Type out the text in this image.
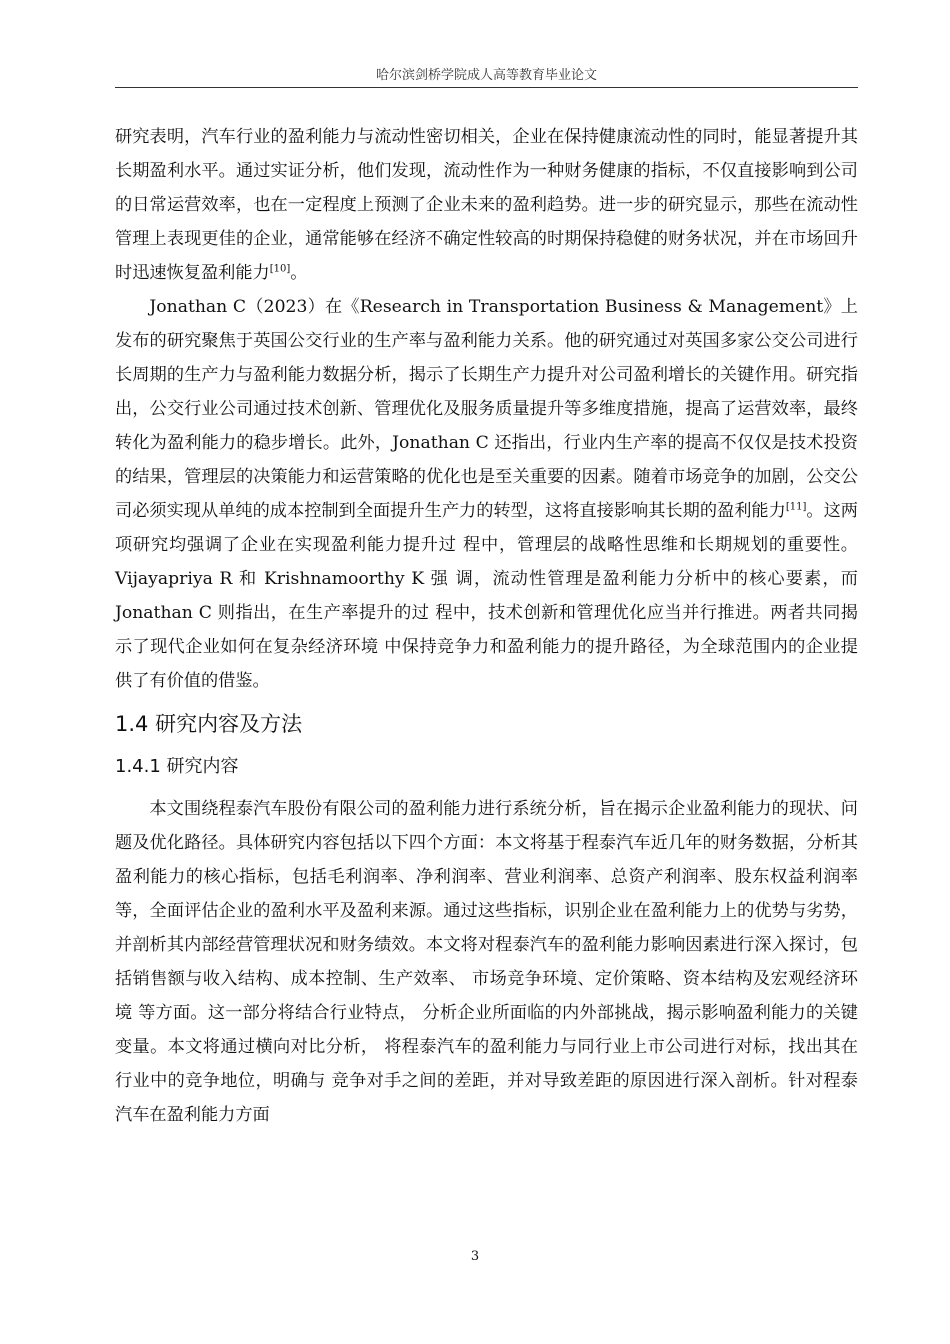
哈尔滨剑桥学院成人高等教育毕业论文

研究表明，汽车行业的盈利能力与流动性密切相关，企业在保持健康流动性的同时，能显著提升其长期盈利水平。通过实证分析，他们发现，流动性作为一种财务健康的指标，不仅直接影响到公司的日常运营效率，也在一定程度上预测了企业未来的盈利趋势。进一步的研究显示，那些在流动性管理上表现更佳的企业，通常能够在经济不确定性较高的时期保持稳健的财务状况，并在市场回升时迅速恢复盈利能力[10]。

Jonathan C（2023）在《Research in Transportation Business & Management》上发布的研究聚焦于英国公交行业的生产率与盈利能力关系。他的研究通过对英国多家公交公司进行长周期的生产力与盈利能力数据分析，揭示了长期生产力提升对公司盈利增长的关键作用。研究指出，公交行业公司通过技术创新、管理优化及服务质量提升等多维度措施，提高了运营效率，最终转化为盈利能力的稳步增长。此外，Jonathan C 还指出，行业内生产率的提高不仅仅是技术投资的结果，管理层的决策能力和运营策略的优化也是至关重要的因素。随着市场竞争的加剧，公交公司必须实现从单纯的成本控制到全面提升生产力的转型，这将直接影响其长期的盈利能力[11]。这两项研究均强调了企业在实现盈利能力提升过 程中，管理层的战略性思维和长期规划的重要性。Vijayapriya R 和 Krishnamoorthy K 强 调，流动性管理是盈利能力分析中的核心要素，而 Jonathan C 则指出，在生产率提升的过 程中，技术创新和管理优化应当并行推进。两者共同揭示了现代企业如何在复杂经济环境 中保持竞争力和盈利能力的提升路径，为全球范围内的企业提供了有价值的借鉴。

1.4 研究内容及方法
1.4.1 研究内容

本文围绕程泰汽车股份有限公司的盈利能力进行系统分析，旨在揭示企业盈利能力的现状、问题及优化路径。具体研究内容包括以下四个方面：本文将基于程泰汽车近几年的财务数据，分析其盈利能力的核心指标，包括毛利润率、净利润率、营业利润率、总资产利润率、股东权益利润率 等，全面评估企业的盈利水平及盈利来源。通过这些指标，识别企业在盈利能力上的优势与劣势，并剖析其内部经营管理状况和财务绩效。本文将对程泰汽车的盈利能力影响因素进行深入探讨，包括销售额与收入结构、成本控制、生产效率、 市场竞争环境、定价策略、资本结构及宏观经济环境 等方面。这一部分将结合行业特点， 分析企业所面临的内外部挑战，揭示影响盈利能力的关键变量。本文将通过横向对比分析， 将程泰汽车的盈利能力与同行业上市公司进行对标，找出其在行业中的竞争地位，明确与 竞争对手之间的差距，并对导致差距的原因进行深入剖析。针对程泰汽车在盈利能力方面

3
